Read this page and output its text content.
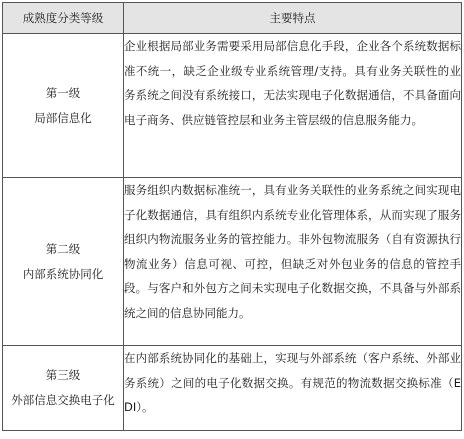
成熟度分类等级	主要特点

第一级
局部信息化	企业根据局部业务需要采用局部信息化手段，企业各个系统数据标准不统一，缺乏企业级专业系统管理/支持。具有业务关联性的业务系统之间没有系统接口，无法实现电子化数据通信，不具备面向电子商务、供应链管控层和业务主管层级的信息服务能力。

第二级
内部系统协同化	服务组织内数据标准统一，具有业务关联性的业务系统之间实现电子化数据通信，具有组织内系统专业化管理体系，从而实现了服务组织内物流服务业务的管控能力。非外包物流服务（自有资源执行物流业务）信息可视、可控，但缺乏对外包业务的信息的管控手段。与客户和外包方之间未实现电子化数据交换，不具备与外部系统之间的信息协同能力。

第三级
外部信息交换电子化	在内部系统协同化的基础上，实现与外部系统（客户系统、外部业务系统）之间的电子化数据交换。有规范的物流数据交换标准（EDI）。
